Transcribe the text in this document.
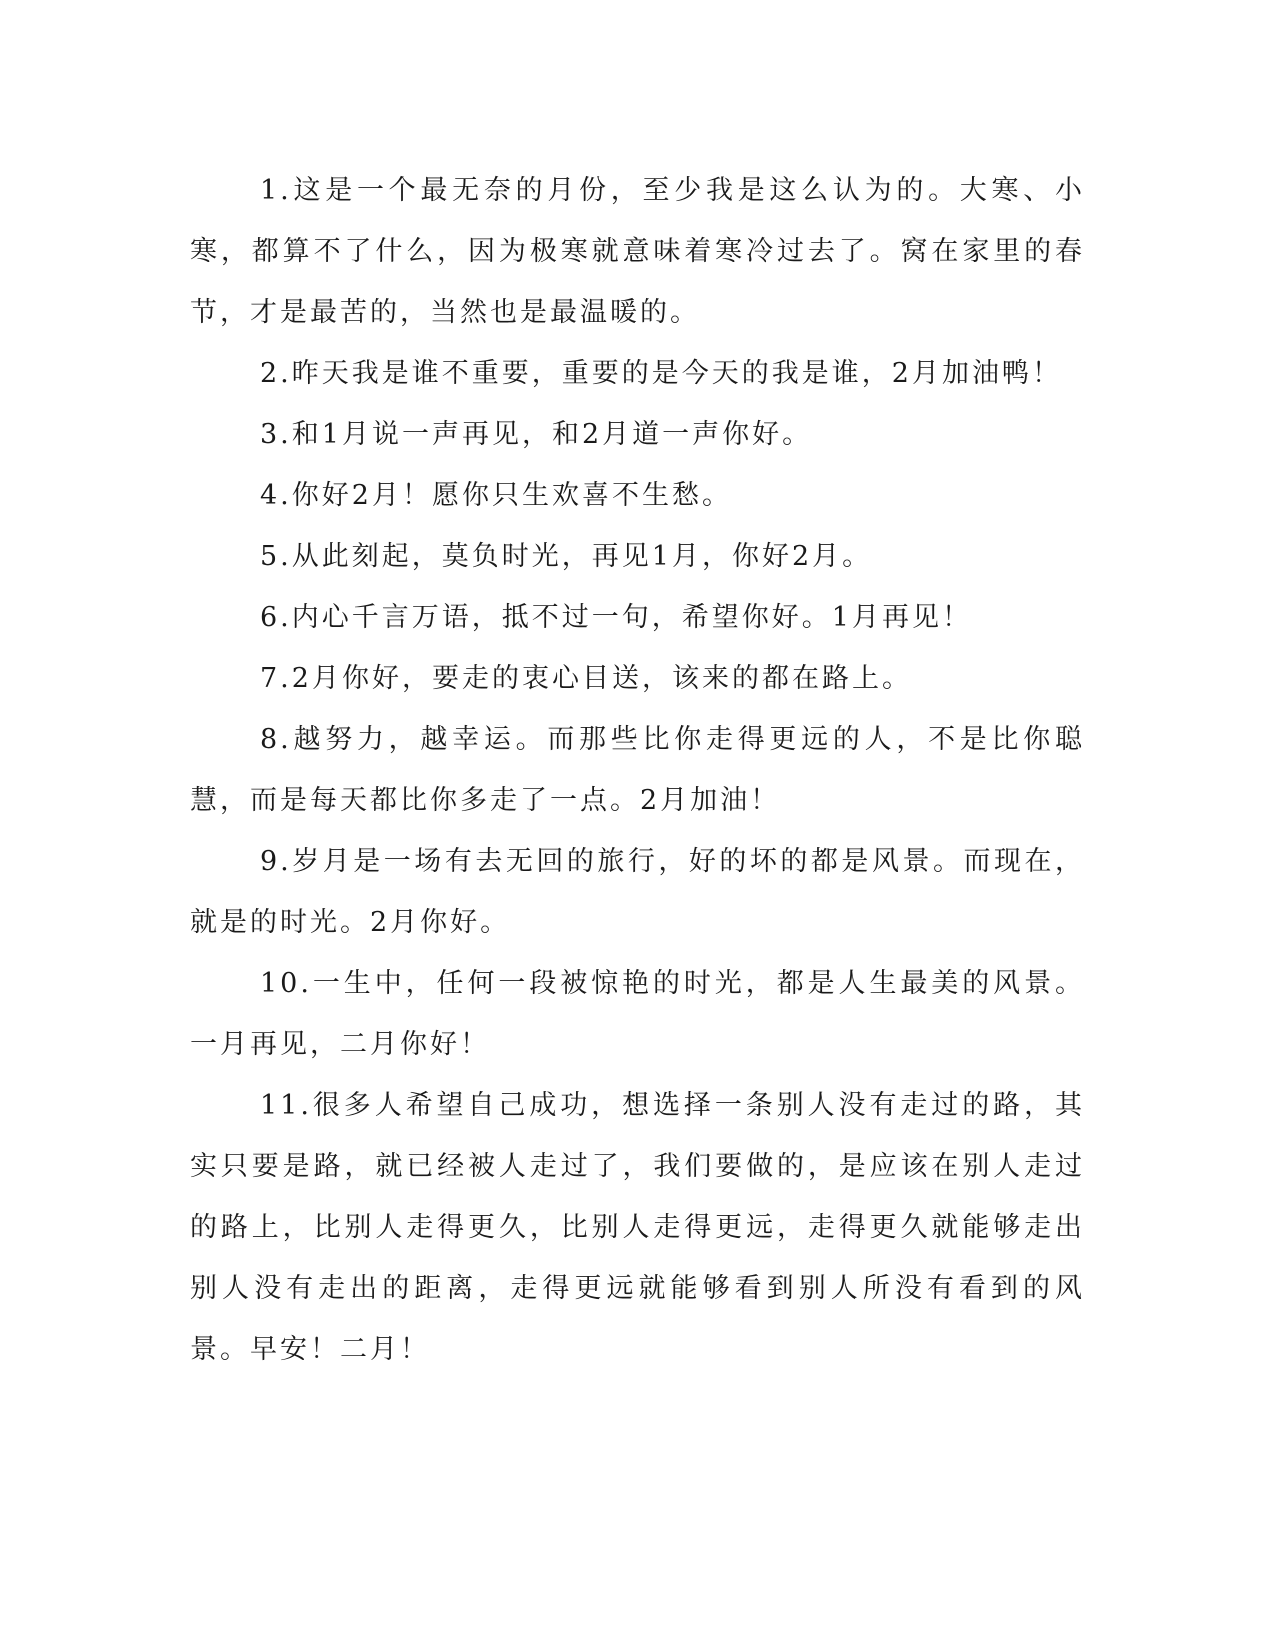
1.这是一个最无奈的月份，至少我是这么认为的。大寒、小寒，都算不了什么，因为极寒就意味着寒冷过去了。窝在家里的春节，才是最苦的，当然也是最温暖的。

2.昨天我是谁不重要，重要的是今天的我是谁，2月加油鸭！

3.和1月说一声再见，和2月道一声你好。

4.你好2月！愿你只生欢喜不生愁。

5.从此刻起，莫负时光，再见1月，你好2月。

6.内心千言万语，抵不过一句，希望你好。1月再见！

7.2月你好，要走的衷心目送，该来的都在路上。

8.越努力，越幸运。而那些比你走得更远的人，不是比你聪慧，而是每天都比你多走了一点。2月加油！

9.岁月是一场有去无回的旅行，好的坏的都是风景。而现在，就是的时光。2月你好。

10.一生中，任何一段被惊艳的时光，都是人生最美的风景。一月再见，二月你好！

11.很多人希望自己成功，想选择一条别人没有走过的路，其实只要是路，就已经被人走过了，我们要做的，是应该在别人走过的路上，比别人走得更久，比别人走得更远，走得更久就能够走出别人没有走出的距离，走得更远就能够看到别人所没有看到的风景。早安！二月！
